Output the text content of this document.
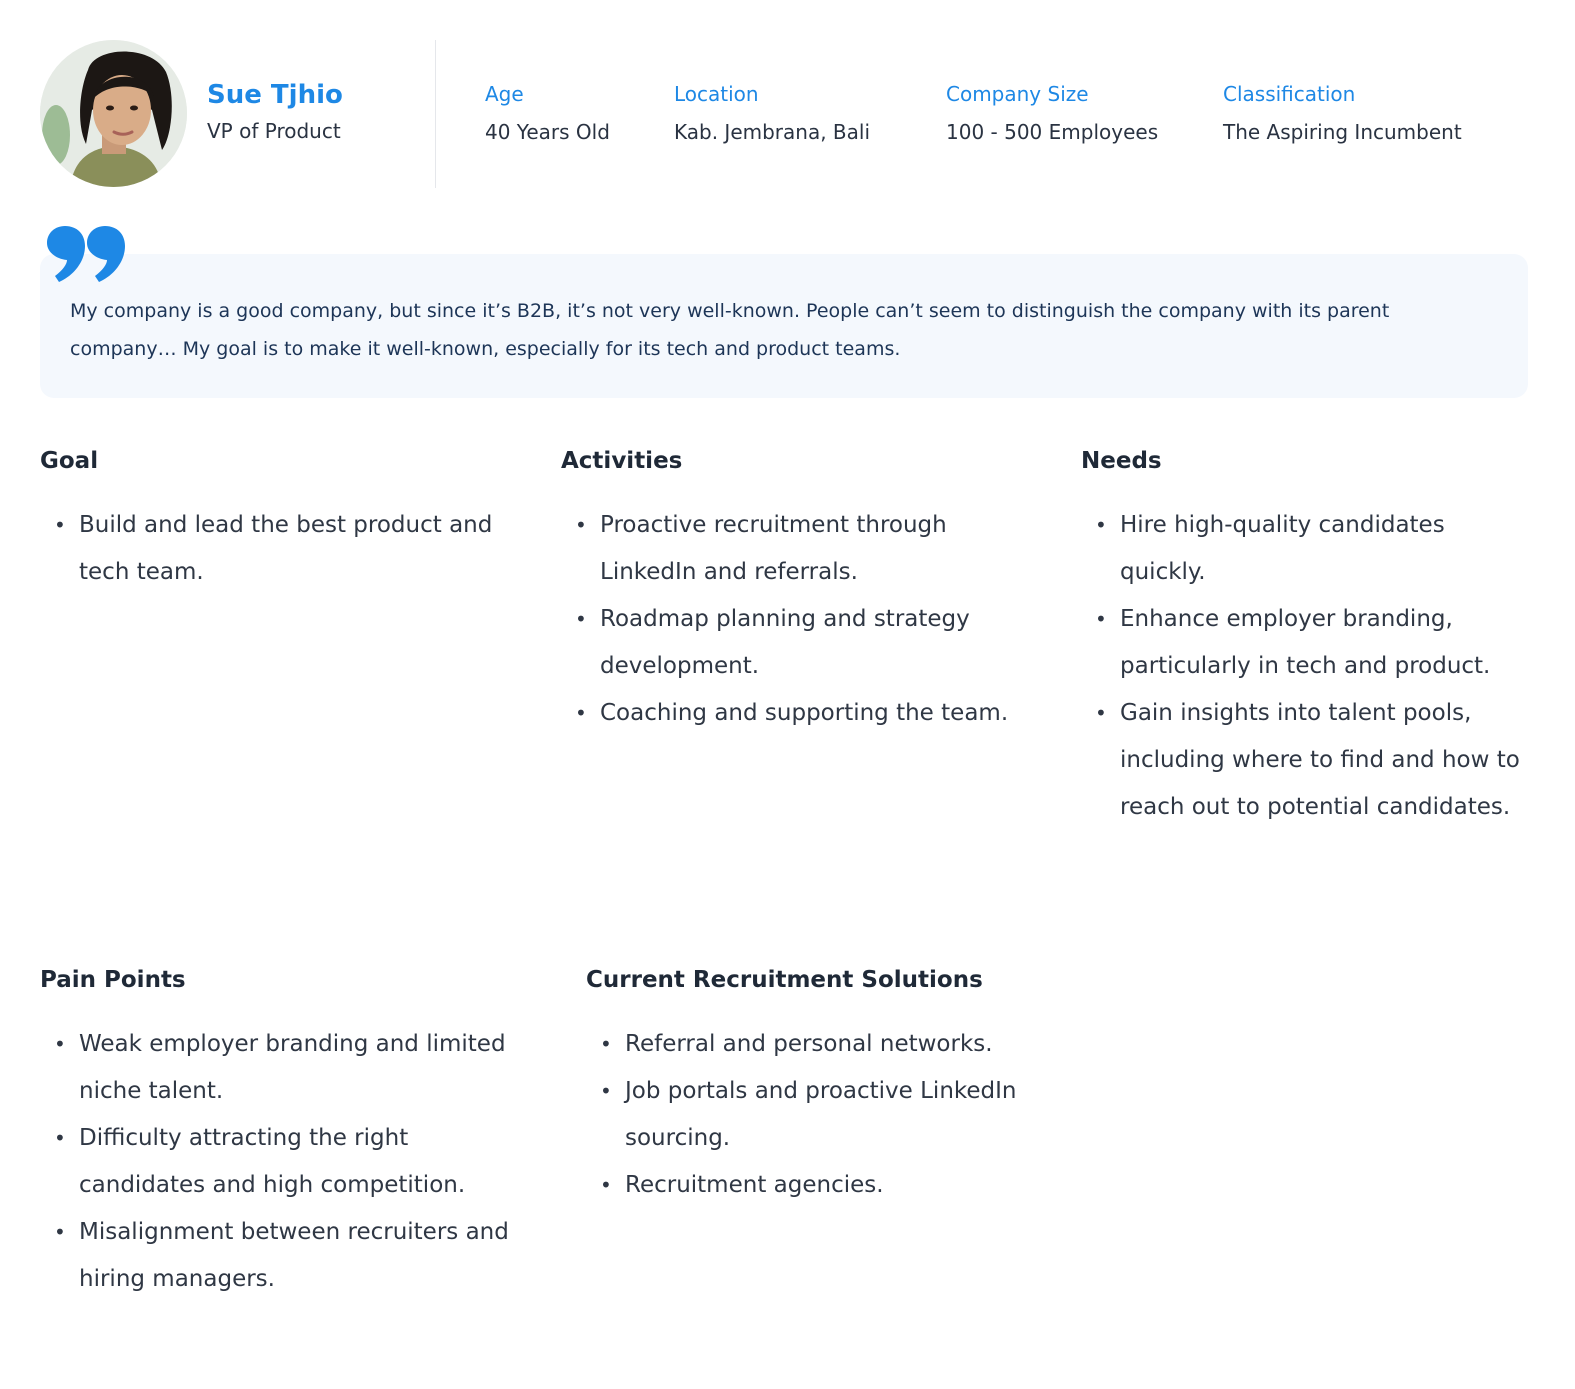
Sue Tjhio
VP of Product
Age
40 Years Old
Location
Kab. Jembrana, Bali
Company Size
100 - 500 Employees
Classification
The Aspiring Incumbent
My company is a good company, but since it’s B2B, it’s not very well-known. People can’t seem to distinguish the company with its parent company… My goal is to make it well-known, especially for its tech and product teams.
Goal
• Build and lead the best product and tech team.
Activities
• Proactive recruitment through LinkedIn and referrals.
• Roadmap planning and strategy development.
• Coaching and supporting the team.
Needs
• Hire high-quality candidates quickly.
• Enhance employer branding, particularly in tech and product.
• Gain insights into talent pools, including where to find and how to reach out to potential candidates.
Pain Points
• Weak employer branding and limited niche talent.
• Difficulty attracting the right candidates and high competition.
• Misalignment between recruiters and hiring managers.
Current Recruitment Solutions
• Referral and personal networks.
• Job portals and proactive LinkedIn sourcing.
• Recruitment agencies.
